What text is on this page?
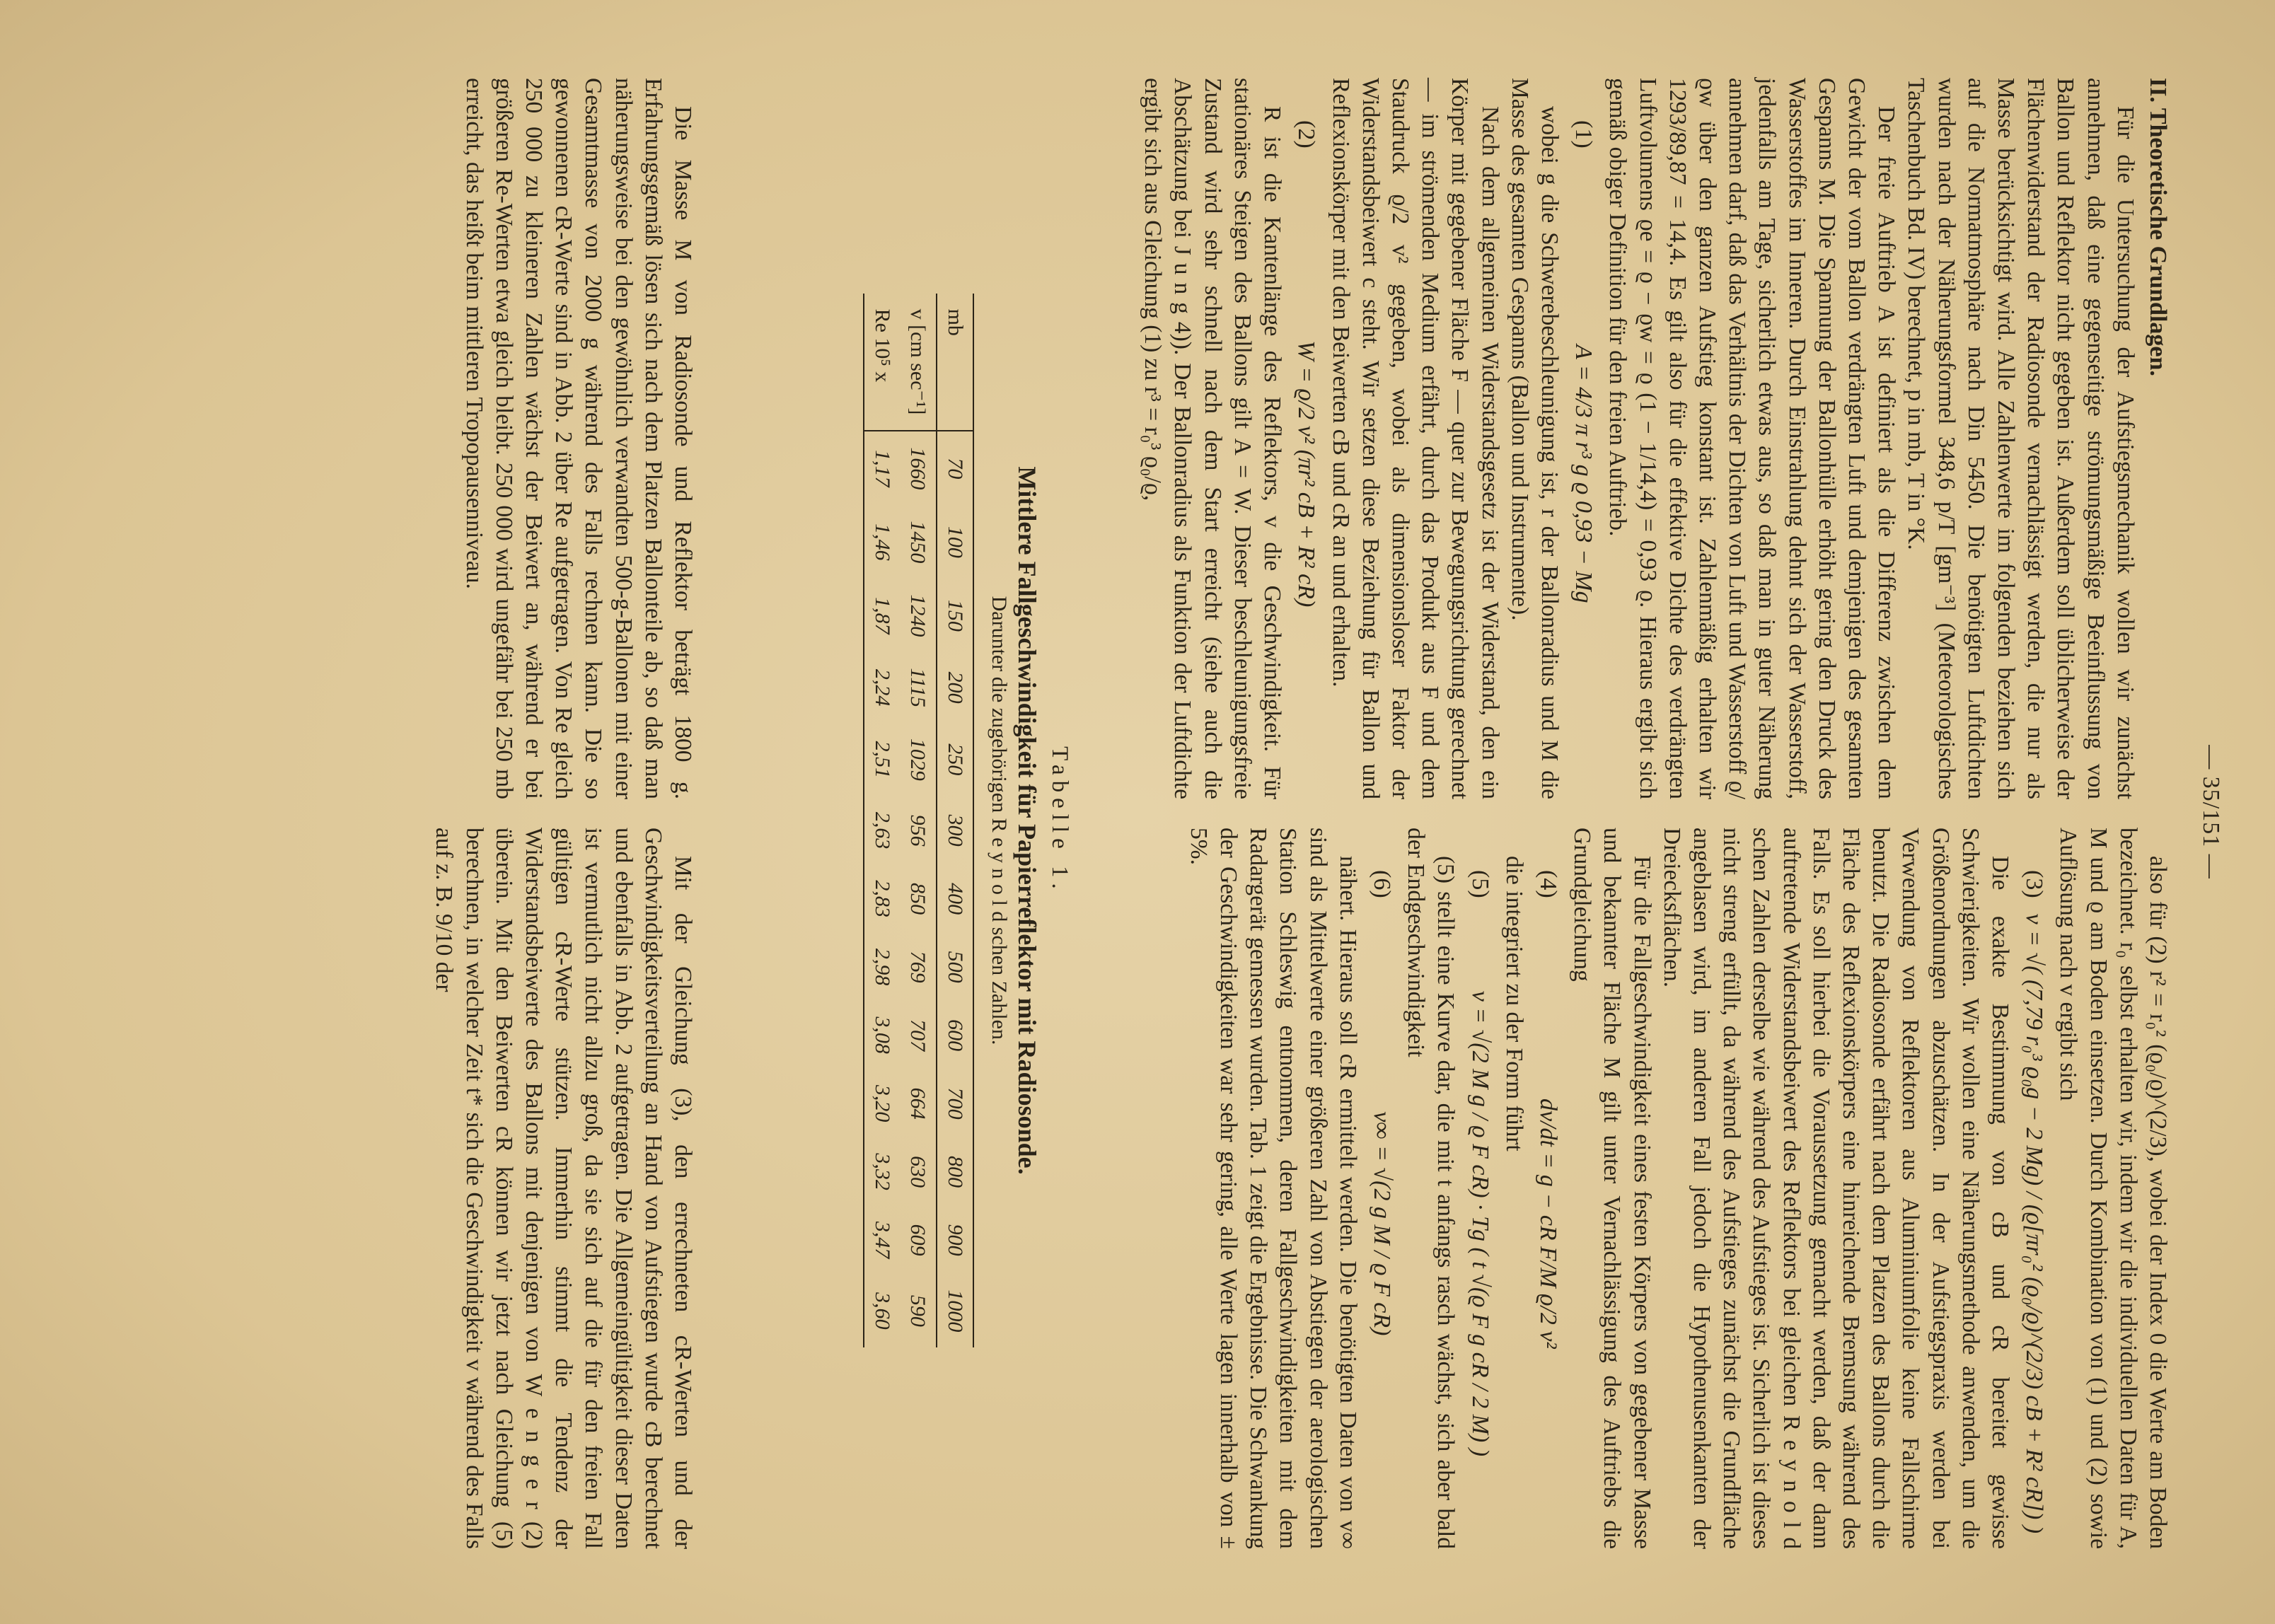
— 35/151 —
II. Theoretische Grundlagen.

Für die Untersuchung der Aufstiegsmechanik wollen wir zunächst annehmen, daß eine gegenseitige strömungsmäßige Beeinflussung von Ballon und Reflektor nicht gegeben ist. Außerdem soll üblicherweise der Flächenwiderstand der Radiosonde vernachlässigt werden, die nur als Masse berücksichtigt wird. Alle Zahlenwerte im folgenden beziehen sich auf die Normatmosphäre nach Din 5450. Die benötigten Luftdichten wurden nach der Näherungsformel 348,6 p/T [gm⁻³] (Meteorologisches Taschenbuch Bd. IV) berechnet, p in mb, T in °K.

Der freie Auftrieb A ist definiert als die Differenz zwischen dem Gewicht der vom Ballon verdrängten Luft und demjenigen des gesamten Gespanns M. Die Spannung der Ballonhülle erhöht gering den Druck des Wasserstoffes im Inneren. Durch Einstrahlung dehnt sich der Wasserstoff, jedenfalls am Tage, sicherlich etwas aus, so daß man in guter Näherung annehmen darf, daß das Verhältnis der Dichten von Luft und Wasserstoff ϱ/ϱw über den ganzen Aufstieg konstant ist. Zahlenmäßig erhalten wir 1293/89,87 = 14,4. Es gilt also für die effektive Dichte des verdrängten Luftvolumens ϱe = ϱ − ϱw = ϱ (1 − 1/14,4) = 0,93 ϱ. Hieraus ergibt sich gemäß obiger Definition für den freien Auftrieb.

(1)
A = 4/3 π r³ g ϱ 0,93 − Mg

wobei g die Schwerebeschleunigung ist, r der Ballonradius und M die Masse des gesamten Gespanns (Ballon und Instrumente).

Nach dem allgemeinen Widerstandsgesetz ist der Widerstand, den ein Körper mit gegebener Fläche F — quer zur Bewegungsrichtung gerechnet — im strömenden Medium erfährt, durch das Produkt aus F und dem Staudruck ϱ/2 v² gegeben, wobei als dimensionsloser Faktor der Widerstandsbeiwert c steht. Wir setzen diese Beziehung für Ballon und Reflexionskörper mit den Beiwerten cB und cR an und erhalten.

(2)
W = ϱ/2 v² (πr² cB + R² cR)

R ist die Kantenlänge des Reflektors, v die Geschwindigkeit. Für stationäres Steigen des Ballons gilt A = W. Dieser beschleunigungsfreie Zustand wird sehr schnell nach dem Start erreicht (siehe auch die Abschätzung bei J u n g 4)). Der Ballonradius als Funktion der Luftdichte ergibt sich aus Gleichung (1) zu r³ = r₀³ ϱ₀/ϱ,

also für (2) r² = r₀² (ϱ₀/ϱ)^(2/3), wobei der Index 0 die Werte am Boden bezeichnet. r₀ selbst erhalten wir, indem wir die individuellen Daten für A, M und ϱ am Boden einsetzen. Durch Kombination von (1) und (2) sowie Auflösung nach v ergibt sich

(3)
v = √( (7,79 r₀³ ϱ₀g − 2 Mg) / (ϱ[πr₀² (ϱ₀/ϱ)^(2/3) cB + R² cR]) )

Die exakte Bestimmung von cB und cR bereitet gewisse Schwierigkeiten. Wir wollen eine Näherungsmethode anwenden, um die Größenordnungen abzuschätzen. In der Aufstiegspraxis werden bei Verwendung von Reflektoren aus Aluminiumfolie keine Fallschirme benutzt. Die Radiosonde erfährt nach dem Platzen des Ballons durch die Fläche des Reflexionskörpers eine hinreichende Bremsung während des Falls. Es soll hierbei die Voraussetzung gemacht werden, daß der dann auftretende Widerstandsbeiwert des Reflektors bei gleichen R e y n o l d schen Zahlen derselbe wie während des Aufstieges ist. Sicherlich ist dieses nicht streng erfüllt, da während des Aufstieges zunächst die Grundfläche angeblasen wird, im anderen Fall jedoch die Hypothenusenkanten der Dreiecksflächen.

Für die Fallgeschwindigkeit eines festen Körpers von gegebener Masse und bekannter Fläche M gilt unter Vernachlässigung des Auftriebs die Grundgleichung

(4)
dv/dt = g − cR F/M ϱ/2 v²

die integriert zu der Form führt

(5)
v = √(2 M g / ϱ F cR) · Tg ( t √(ϱ F g cR / 2 M) )

(5) stellt eine Kurve dar, die mit t anfangs rasch wächst, sich aber bald der Endgeschwindigkeit

(6)
v∞ = √(2 g M / ϱ F cR)

nähert. Hieraus soll cR ermittelt werden. Die benötigten Daten von v∞ sind als Mittelwerte einer größeren Zahl von Abstiegen der aerologischen Station Schleswig entnommen, deren Fallgeschwindigkeiten mit dem Radargerät gemessen wurden. Tab. 1 zeigt die Ergebnisse. Die Schwankung der Geschwindigkeiten war sehr gering, alle Werte lagen innerhalb von ± 5%.

Tabelle 1.
Mittlere Fallgeschwindigkeit für Papierreflektor mit Radiosonde.
Darunter die zugehörigen R e y n o l d schen Zahlen.
mb	70	100	150	200	250	300	400	500	600	700	800	900	1000
v [cm sec⁻¹]	1660	1450	1240	1115	1029	956	850	769	707	664	630	609	590
Re 10⁵ x	1,17	1,46	1,87	2,24	2,51	2,63	2,83	2,98	3,08	3,20	3,32	3,47	3,60

Die Masse M von Radiosonde und Reflektor beträgt 1800 g. Erfahrungsgemäß lösen sich nach dem Platzen Ballonteile ab, so daß man näherungsweise bei den gewöhnlich verwandten 500-g-Ballonen mit einer Gesamtmasse von 2000 g während des Falls rechnen kann. Die so gewonnenen cR-Werte sind in Abb. 2 über Re aufgetragen. Von Re gleich 250 000 zu kleineren Zahlen wächst der Beiwert an, während er bei größeren Re-Werten etwa gleich bleibt. 250 000 wird ungefähr bei 250 mb erreicht, das heißt beim mittleren Tropopausenniveau.

Mit der Gleichung (3), den errechneten cR-Werten und der Geschwindigkeitsverteilung an Hand von Aufstiegen wurde cB berechnet und ebenfalls in Abb. 2 aufgetragen. Die Allgemeingültigkeit dieser Daten ist vermutlich nicht allzu groß, da sie sich auf die für den freien Fall gültigen cR-Werte stützen. Immerhin stimmt die Tendenz der Widerstandsbeiwerte des Ballons mit denjenigen von W e n g e r (2) überein. Mit den Beiwerten cR können wir jetzt nach Gleichung (5) berechnen, in welcher Zeit t* sich die Geschwindigkeit v während des Falls auf z. B. 9/10 der
